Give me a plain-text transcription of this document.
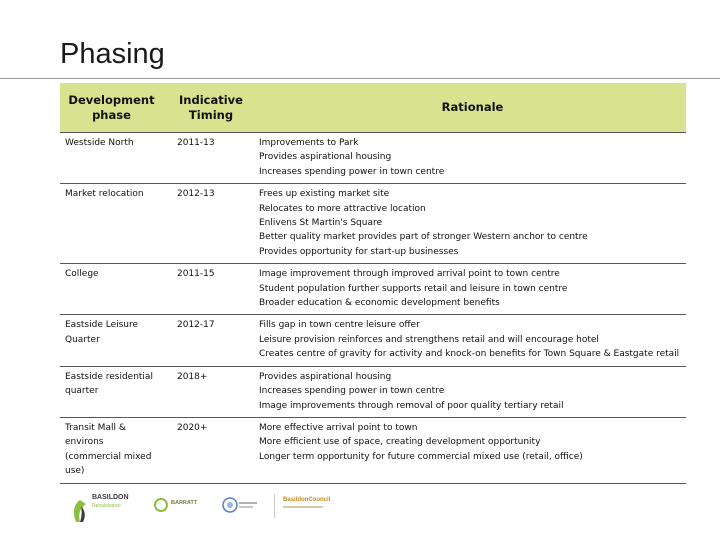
Phasing
Development phase	Indicative Timing	Rationale
Westside North	2011-13	Improvements to Park
Provides aspirational housing
Increases spending power in town centre

Market relocation	2012-13	Frees up existing market site
Relocates to more attractive location
Enlivens St Martin's Square
Better quality market provides part of stronger Western anchor to centre
Provides opportunity for start-up businesses

College	2011-15	Image improvement through improved arrival point to town centre
Student population further supports retail and leisure in town centre
Broader education & economic development benefits

Eastside Leisure Quarter	2012-17	Fills gap in town centre leisure offer
Leisure provision reinforces and strengthens retail and will encourage hotel
Creates centre of gravity for activity and knock-on benefits for Town Square & Eastgate retail

Eastside residential quarter	2018+	Provides aspirational housing
Increases spending power in town centre
Image improvements through removal of poor quality tertiary retail

Transit Mall & environs (commercial mixed use)	2020+	More effective arrival point to town
More efficient use of space, creating development opportunity
Longer term opportunity for future commercial mixed use (retail, office)
BASILDON
Renaissance	BARRATT	BasildonCouncil
